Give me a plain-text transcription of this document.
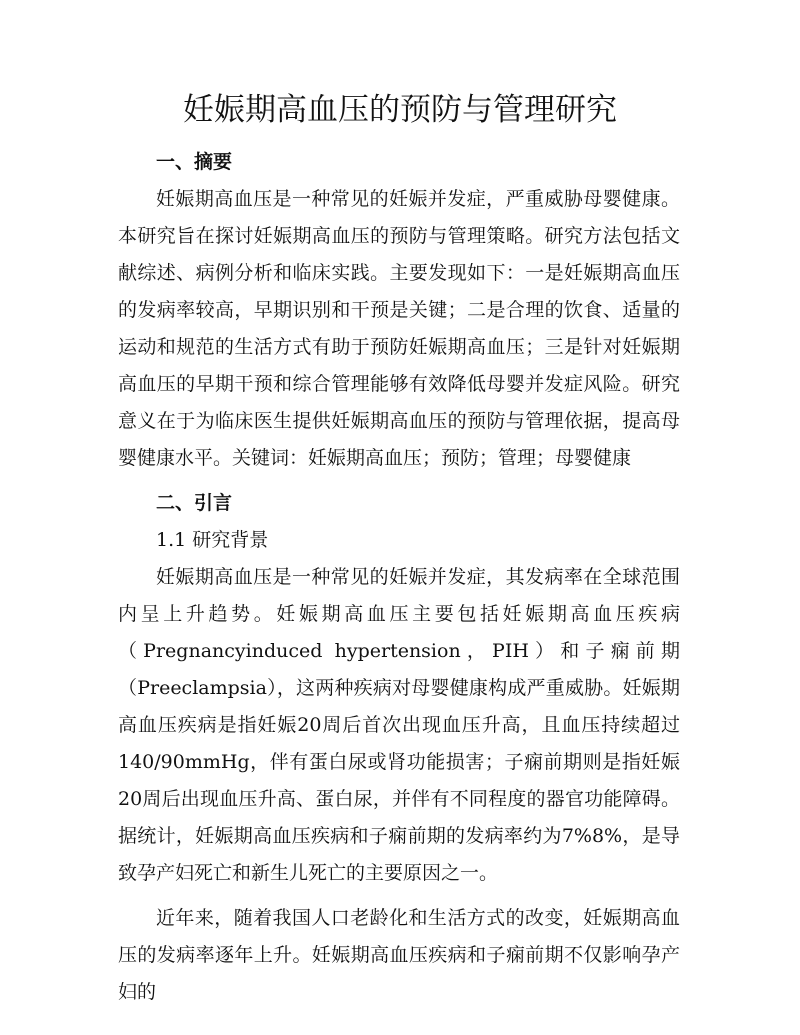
妊娠期高血压的预防与管理研究

一、摘要

妊娠期高血压是一种常见的妊娠并发症，严重威胁母婴健康。本研究旨在探讨妊娠期高血压的预防与管理策略。研究方法包括文献综述、病例分析和临床实践。主要发现如下：一是妊娠期高血压的发病率较高，早期识别和干预是关键；二是合理的饮食、适量的运动和规范的生活方式有助于预防妊娠期高血压；三是针对妊娠期高血压的早期干预和综合管理能够有效降低母婴并发症风险。研究意义在于为临床医生提供妊娠期高血压的预防与管理依据，提高母婴健康水平。关键词：妊娠期高血压；预防；管理；母婴健康

二、引言

1.1 研究背景

妊娠期高血压是一种常见的妊娠并发症，其发病率在全球范围内呈上升趋势。妊娠期高血压主要包括妊娠期高血压疾病（Pregnancyinduced hypertension，PIH）和子痫前期（Preeclampsia），这两种疾病对母婴健康构成严重威胁。妊娠期高血压疾病是指妊娠20周后首次出现血压升高，且血压持续超过140/90mmHg，伴有蛋白尿或肾功能损害；子痫前期则是指妊娠20周后出现血压升高、蛋白尿，并伴有不同程度的器官功能障碍。据统计，妊娠期高血压疾病和子痫前期的发病率约为7%8%，是导致孕产妇死亡和新生儿死亡的主要原因之一。

近年来，随着我国人口老龄化和生活方式的改变，妊娠期高血压的发病率逐年上升。妊娠期高血压疾病和子痫前期不仅影响孕产妇的
